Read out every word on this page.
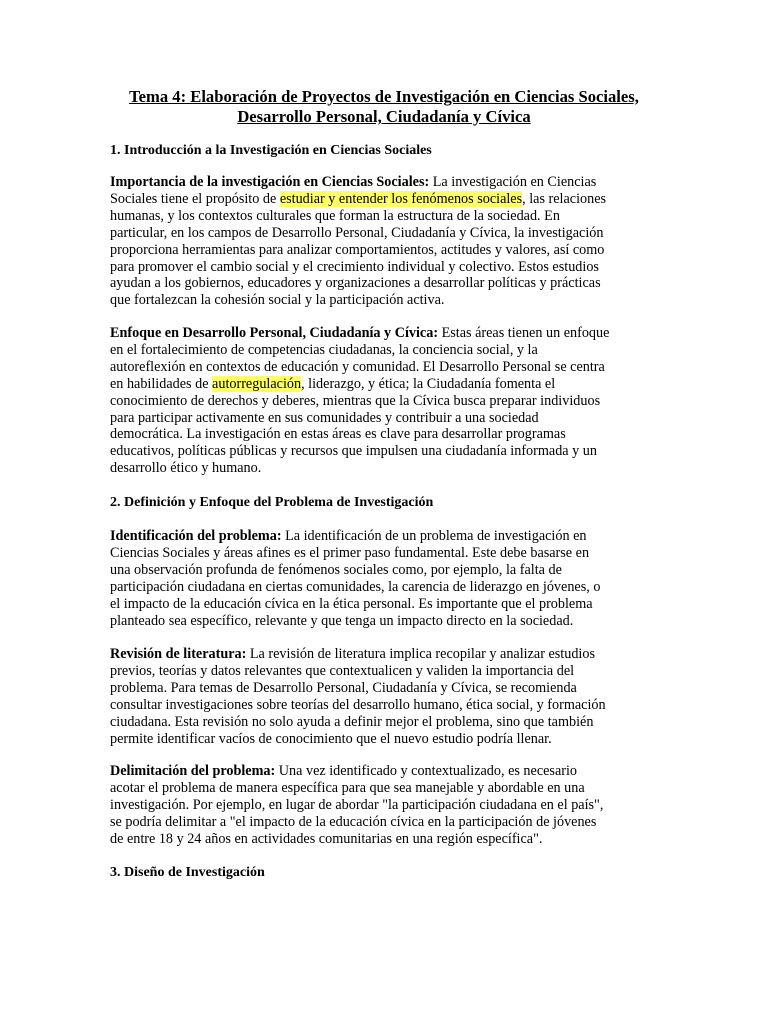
Tema 4: Elaboración de Proyectos de Investigación en Ciencias Sociales,
Desarrollo Personal, Ciudadanía y Cívica
1. Introducción a la Investigación en Ciencias Sociales

Importancia de la investigación en Ciencias Sociales: La investigación en Ciencias
Sociales tiene el propósito de estudiar y entender los fenómenos sociales, las relaciones
humanas, y los contextos culturales que forman la estructura de la sociedad. En
particular, en los campos de Desarrollo Personal, Ciudadanía y Cívica, la investigación
proporciona herramientas para analizar comportamientos, actitudes y valores, así como
para promover el cambio social y el crecimiento individual y colectivo. Estos estudios
ayudan a los gobiernos, educadores y organizaciones a desarrollar políticas y prácticas
que fortalezcan la cohesión social y la participación activa.

Enfoque en Desarrollo Personal, Ciudadanía y Cívica: Estas áreas tienen un enfoque
en el fortalecimiento de competencias ciudadanas, la conciencia social, y la
autoreflexión en contextos de educación y comunidad. El Desarrollo Personal se centra
en habilidades de autorregulación, liderazgo, y ética; la Ciudadanía fomenta el
conocimiento de derechos y deberes, mientras que la Cívica busca preparar individuos
para participar activamente en sus comunidades y contribuir a una sociedad
democrática. La investigación en estas áreas es clave para desarrollar programas
educativos, políticas públicas y recursos que impulsen una ciudadanía informada y un
desarrollo ético y humano.

2. Definición y Enfoque del Problema de Investigación

Identificación del problema: La identificación de un problema de investigación en
Ciencias Sociales y áreas afines es el primer paso fundamental. Este debe basarse en
una observación profunda de fenómenos sociales como, por ejemplo, la falta de
participación ciudadana en ciertas comunidades, la carencia de liderazgo en jóvenes, o
el impacto de la educación cívica en la ética personal. Es importante que el problema
planteado sea específico, relevante y que tenga un impacto directo en la sociedad.

Revisión de literatura: La revisión de literatura implica recopilar y analizar estudios
previos, teorías y datos relevantes que contextualicen y validen la importancia del
problema. Para temas de Desarrollo Personal, Ciudadanía y Cívica, se recomienda
consultar investigaciones sobre teorías del desarrollo humano, ética social, y formación
ciudadana. Esta revisión no solo ayuda a definir mejor el problema, sino que también
permite identificar vacíos de conocimiento que el nuevo estudio podría llenar.

Delimitación del problema: Una vez identificado y contextualizado, es necesario
acotar el problema de manera específica para que sea manejable y abordable en una
investigación. Por ejemplo, en lugar de abordar "la participación ciudadana en el país",
se podría delimitar a "el impacto de la educación cívica en la participación de jóvenes
de entre 18 y 24 años en actividades comunitarias en una región específica".

3. Diseño de Investigación
